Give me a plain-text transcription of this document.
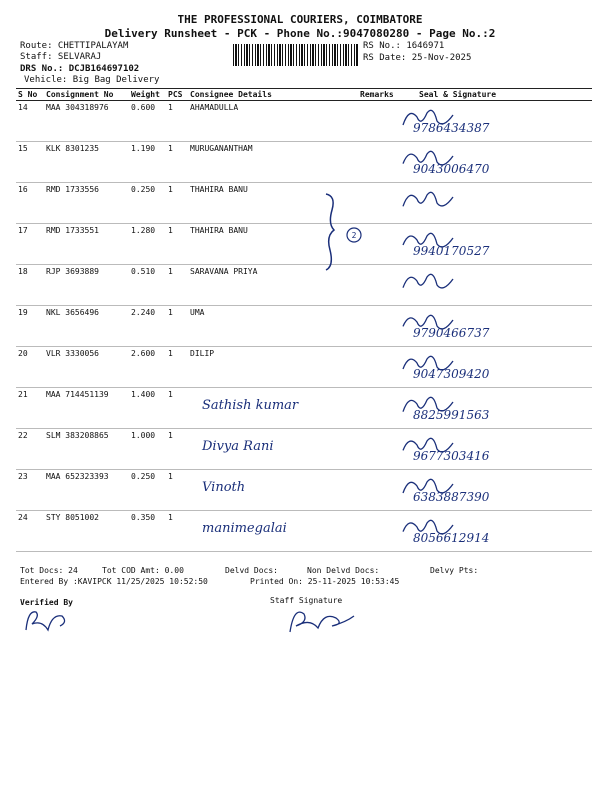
THE PROFESSIONAL COURIERS, COIMBATORE
Delivery Runsheet - PCK - Phone No.:9047080280 - Page No.:2
Route: CHETTIPALAYAM
Staff: SELVARAJ
DRS No.: DCJB164697102
Vehicle: Big Bag Delivery
RS No.: 1646971
RS Date: 25-Nov-2025
S No	Consignment No	Weight	PCS	Consignee Details	Remarks	Seal & Signature
14	MAA 304318976	0.600	1	AHAMADULLA		9786434387

15	KLK 8301235	1.190	1	MURUGANANTHAM		9043006470

16	RMD 1733556	0.250	1	THAHIRA BANU

17	RMD 1733551	1.280	1	THAHIRA BANU		9940170527

18	RJP 3693889	0.510	1	SARAVANA PRIYA

19	NKL 3656496	2.240	1	UMA		9790466737

20	VLR 3330056	2.600	1	DILIP		9047309420

21	MAA 714451139	1.400	1	Sathish kumar		8825991563

22	SLM 383208865	1.000	1	Divya Rani		9677303416

23	MAA 652323393	0.250	1	Vinoth		6383887390

24	STY 8051002	0.350	1	manimegalai		8056612914
2
Tot Docs: 24	Tot COD Amt: 0.00	Delvd Docs:	Non Delvd Docs:	Delvy Pts:
Entered By :KAVIPCK 11/25/2025 10:52:50	Printed On: 25-11-2025 10:53:45
Verified By	Staff Signature
